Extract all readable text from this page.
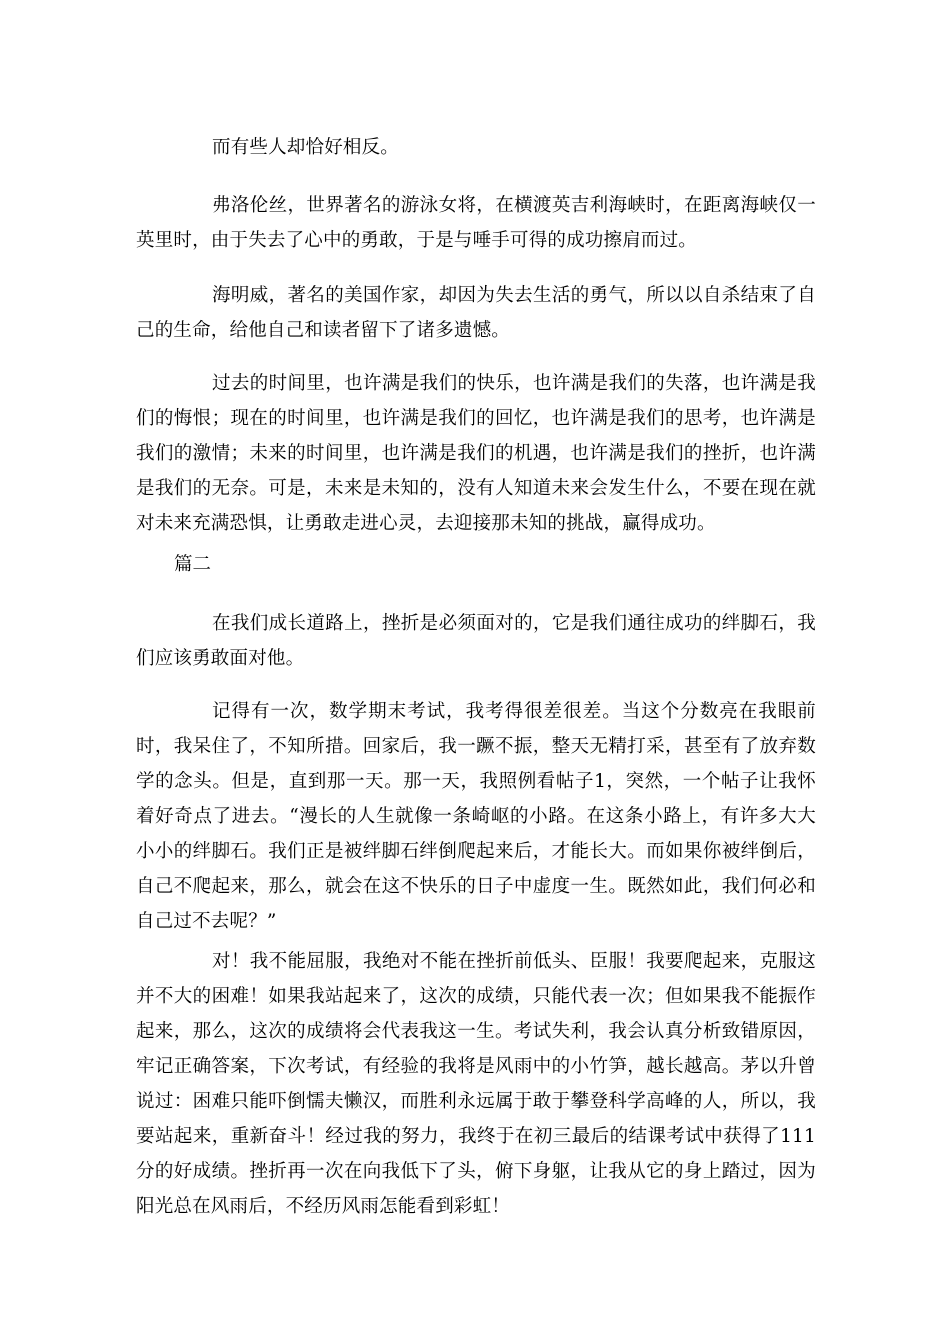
而有些人却恰好相反。

弗洛伦丝，世界著名的游泳女将，在横渡英吉利海峡时，在距离海峡仅一英里时，由于失去了心中的勇敢，于是与唾手可得的成功擦肩而过。

海明威，著名的美国作家，却因为失去生活的勇气，所以以自杀结束了自己的生命，给他自己和读者留下了诸多遗憾。

过去的时间里，也许满是我们的快乐，也许满是我们的失落，也许满是我们的悔恨；现在的时间里，也许满是我们的回忆，也许满是我们的思考，也许满是我们的激情；未来的时间里，也许满是我们的机遇，也许满是我们的挫折，也许满是我们的无奈。可是，未来是未知的，没有人知道未来会发生什么，不要在现在就对未来充满恐惧，让勇敢走进心灵，去迎接那未知的挑战，赢得成功。

篇二

在我们成长道路上，挫折是必须面对的，它是我们通往成功的绊脚石，我们应该勇敢面对他。

记得有一次，数学期末考试，我考得很差很差。当这个分数亮在我眼前时，我呆住了，不知所措。回家后，我一蹶不振，整天无精打采，甚至有了放弃数学的念头。但是，直到那一天。那一天，我照例看帖子1，突然，一个帖子让我怀着好奇点了进去。“漫长的人生就像一条崎岖的小路。在这条小路上，有许多大大小小的绊脚石。我们正是被绊脚石绊倒爬起来后，才能长大。而如果你被绊倒后，自己不爬起来，那么，就会在这不快乐的日子中虚度一生。既然如此，我们何必和自己过不去呢？”

对！我不能屈服，我绝对不能在挫折前低头、臣服！我要爬起来，克服这并不大的困难！如果我站起来了，这次的成绩，只能代表一次；但如果我不能振作起来，那么，这次的成绩将会代表我这一生。考试失利，我会认真分析致错原因，牢记正确答案，下次考试，有经验的我将是风雨中的小竹笋，越长越高。茅以升曾说过：困难只能吓倒懦夫懒汉，而胜利永远属于敢于攀登科学高峰的人，所以，我要站起来，重新奋斗！经过我的努力，我终于在初三最后的结课考试中获得了111分的好成绩。挫折再一次在向我低下了头，俯下身躯，让我从它的身上踏过，因为阳光总在风雨后，不经历风雨怎能看到彩虹！
